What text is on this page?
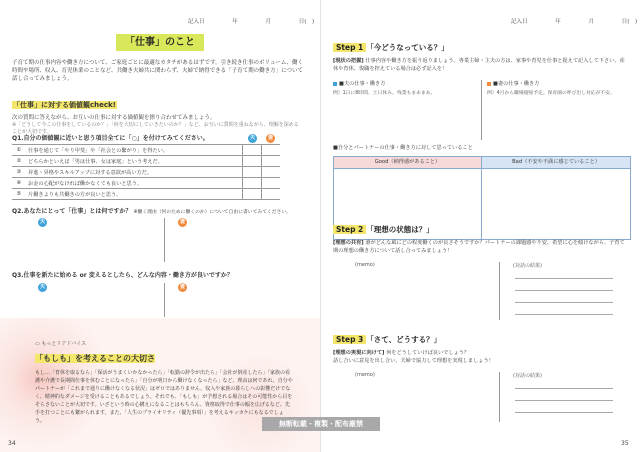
記入日	年	月	日(　)
「仕事」のこと
子育て期の仕事内容や働き方について、ご家庭ごとに最適なカタチがあるはずです。引き続き仕事のボリューム、働く時間や場所、収入、育児休業のことなど、共働き夫婦共に関わらず、夫婦で納得できる「子育て期の働き方」について話し合ってみましょう。
「仕事」に対する価値観check!
次の質問に答えながら、お互いの仕事に対する価値観を擦り合わせてみましょう。
※「どうして今この仕事をしているのか？」「何を大切にしていきたいのか？」など、お互いに質問を重ねながら、理解を深めることが大切です。
Q1.自分の価値観に近いと思う項目全てに「○」を付けてみてください。	夫	妻
①	仕事を通じて「やり甲斐」や「社会との繋がり」を得たい。		
②	どちらかといえば「男は仕事、女は家庭」という考えだ。		
③	昇進・昇格やスキルアップに対する意欲が高い方だ。		
④	お金の心配がなければ働かなくても良いと思う。		
⑤	片働きよりも共働きの方が良いと思う。		
Q2.あなたにとって「仕事」とは何ですか？ ※働く理由（何のために働くのか）について自由に書いてみてください。
夫	妻
Q3.仕事を新たに始める or 変えるとしたら、どんな内容・働き方が良いですか？
夫	妻
▭ もっとリアドバイス
「もしも」を考えることの大切さ
もし…「育休を取るなら」「保活がうまくいかなかったら」「転勤の辞令が出たら」「会社が倒産したら」「家族の看護や介護で長期間仕事を休むことになったら」「自分が明日から働けなくなったら」など、理由は何であれ、自分やパートナーが「これまで通りに働けなくなる状況」はゼロではありません。収入や家族の暮らしへの影響だけでなく、精神的なダメージを受けることもあるでしょう。それでも、「もしも」が予想される場合はその可能性から目をそらさないことが大切です。いざという時の心構えになることはもちろん、資格取得で仕事の幅を広げるなど、先手を打つことにも繋がられます。また、「人生のプライオリティ（優先事項）」を考えるキッカケにもなるでしょう。
34
記入日	年	月	日(　)
Step 1 「今どうなっている？」
[現状の把握] 仕事内容や働き方を振り返りましょう。専業主婦・主夫の方は、家事や育児を仕事と捉えて記入して下さい。産休や育休、復職を控えている場合は必ず記入を！
■夫の仕事・働き方
例）1日に8時間、土日休み。残業もまあまあ。
■妻の仕事・働き方
例）4月から職場復帰予定。保育園の呼び出し対応が不安。
■自分とパートナーの仕事・働き方に対して思っていること
Good（納得感があること）	Bad（不安や不満に感じていること）
Step 2 「理想の状態は？」
[理想の共有] 誰がどんな風にどの程度働くのが良さそうですか？パートナーの課題感や不安、希望に心を傾けながら、子育て期の理想の働き方について話し合ってみましょう！
(memo)	(対話の結果)
Step 3 「さて、どうする？」
[理想の実現に向けて] 何をどうしていけば良いでしょう？
話し合いに意見を出し合い、夫婦で協力して理想を実現しましょう！
(memo)	(対話の結果)
35
無断転載・複製・配布厳禁
